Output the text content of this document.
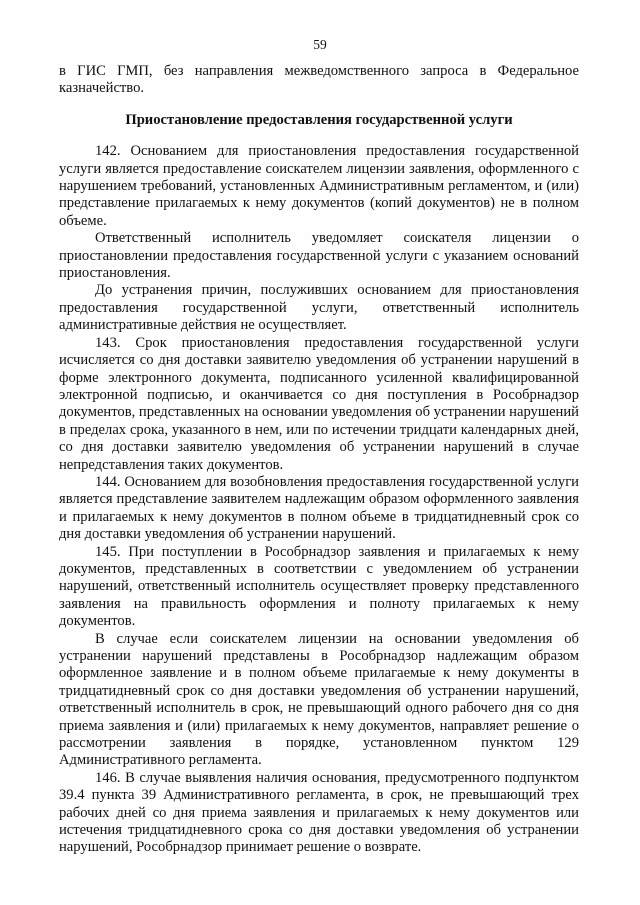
59

в ГИС ГМП, без направления межведомственного запроса в Федеральное казначейство.

Приостановление предоставления государственной услуги

142. Основанием для приостановления предоставления государственной услуги является предоставление соискателем лицензии заявления, оформленного с нарушением требований, установленных Административным регламентом, и (или) представление прилагаемых к нему документов (копий документов) не в полном объеме.

Ответственный исполнитель уведомляет соискателя лицензии о приостановлении предоставления государственной услуги с указанием оснований приостановления.

До устранения причин, послуживших основанием для приостановления предоставления государственной услуги, ответственный исполнитель административные действия не осуществляет.

143. Срок приостановления предоставления государственной услуги исчисляется со дня доставки заявителю уведомления об устранении нарушений в форме электронного документа, подписанного усиленной квалифицированной электронной подписью, и оканчивается со дня поступления в Рособрнадзор документов, представленных на основании уведомления об устранении нарушений в пределах срока, указанного в нем, или по истечении тридцати календарных дней, со дня доставки заявителю уведомления об устранении нарушений в случае непредставления таких документов.

144. Основанием для возобновления предоставления государственной услуги является представление заявителем надлежащим образом оформленного заявления и прилагаемых к нему документов в полном объеме в тридцатидневный срок со дня доставки уведомления об устранении нарушений.

145. При поступлении в Рособрнадзор заявления и прилагаемых к нему документов, представленных в соответствии с уведомлением об устранении нарушений, ответственный исполнитель осуществляет проверку представленного заявления на правильность оформления и полноту прилагаемых к нему документов.

В случае если соискателем лицензии на основании уведомления об устранении нарушений представлены в Рособрнадзор надлежащим образом оформленное заявление и в полном объеме прилагаемые к нему документы в тридцатидневный срок со дня доставки уведомления об устранении нарушений, ответственный исполнитель в срок, не превышающий одного рабочего дня со дня приема заявления и (или) прилагаемых к нему документов, направляет решение о рассмотрении заявления в порядке, установленном пунктом 129 Административного регламента.

146. В случае выявления наличия основания, предусмотренного подпунктом 39.4 пункта 39 Административного регламента, в срок, не превышающий трех рабочих дней со дня приема заявления и прилагаемых к нему документов или истечения тридцатидневного срока со дня доставки уведомления об устранении нарушений, Рособрнадзор принимает решение о возврате.
